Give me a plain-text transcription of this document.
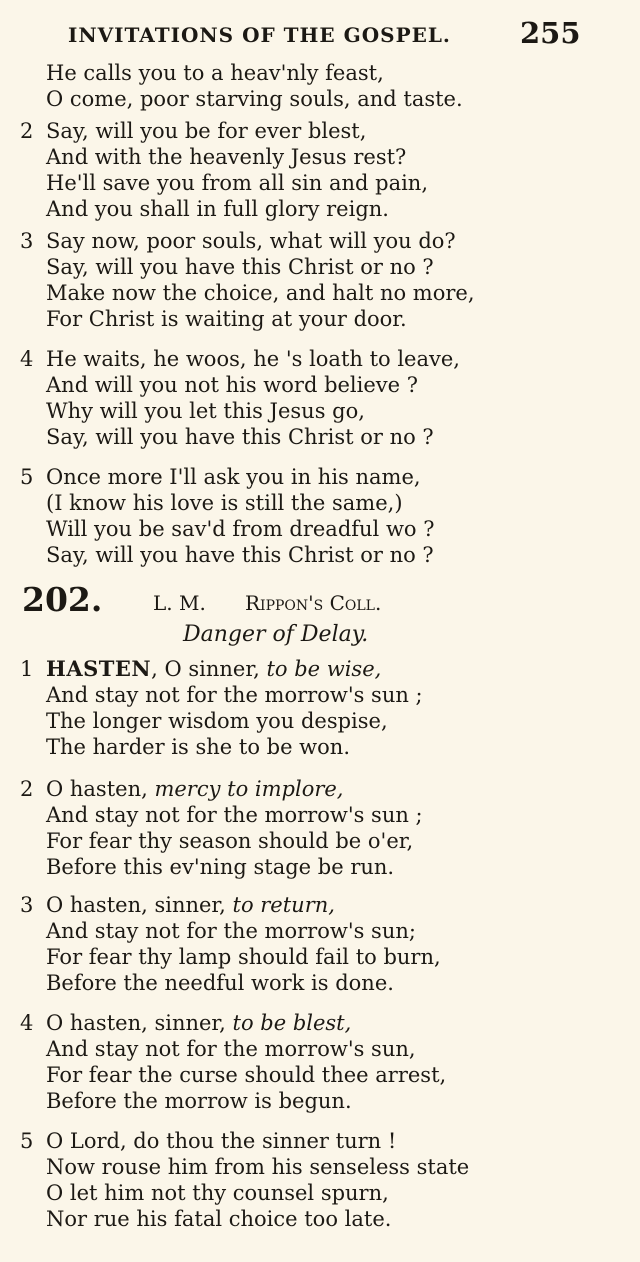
INVITATIONS OF THE GOSPEL. 255
He calls you to a heav'nly feast,
O come, poor starving souls, and taste.
2 Say, will you be for ever blest,
And with the heavenly Jesus rest?
He'll save you from all sin and pain,
And you shall in full glory reign.
3 Say now, poor souls, what will you do?
Say, will you have this Christ or no ?
Make now the choice, and halt no more,
For Christ is waiting at your door.
4 He waits, he woos, he 's loath to leave,
And will you not his word believe ?
Why will you let this Jesus go,
Say, will you have this Christ or no ?
5 Once more I'll ask you in his name,
(I know his love is still the same,)
Will you be sav'd from dreadful wo ?
Say, will you have this Christ or no ?
202.	L. M. Rippon's Coll.
Danger of Delay.
1 HASTEN, O sinner, to be wise,
And stay not for the morrow's sun ;
The longer wisdom you despise,
The harder is she to be won.
2 O hasten, mercy to implore,
And stay not for the morrow's sun ;
For fear thy season should be o'er,
Before this ev'ning stage be run.
3 O hasten, sinner, to return,
And stay not for the morrow's sun;
For fear thy lamp should fail to burn,
Before the needful work is done.
4 O hasten, sinner, to be blest,
And stay not for the morrow's sun,
For fear the curse should thee arrest,
Before the morrow is begun.
5 O Lord, do thou the sinner turn !
Now rouse him from his senseless state
O let him not thy counsel spurn,
Nor rue his fatal choice too late.
